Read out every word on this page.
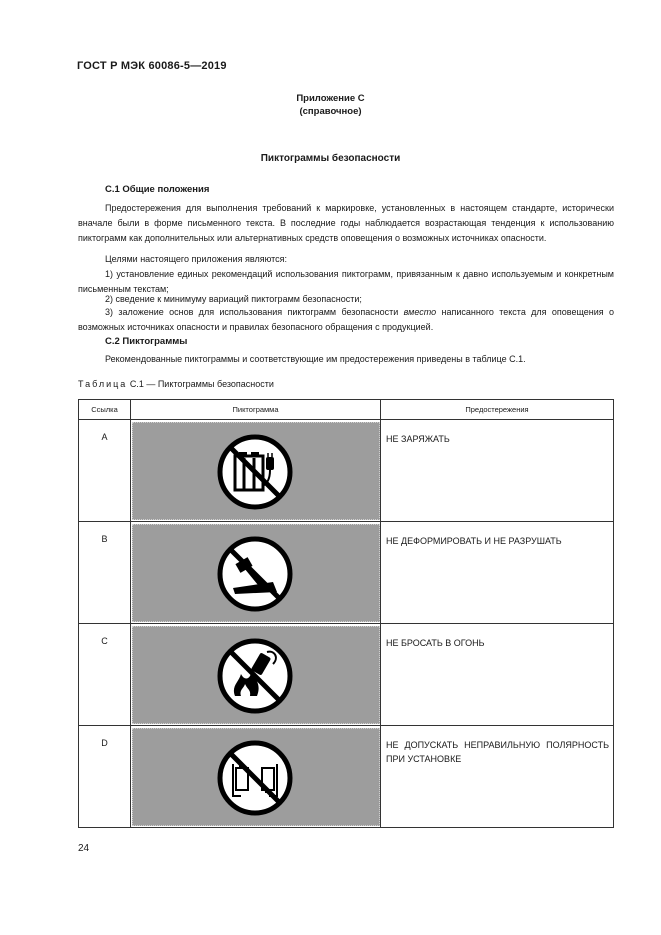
ГОСТ Р МЭК 60086-5—2019
Приложение С
(справочное)
Пиктограммы безопасности
С.1 Общие положения
Предостережения для выполнения требований к маркировке, установленных в настоящем стандарте, исторически вначале были в форме письменного текста. В последние годы наблюдается возрастающая тенденция к использованию пиктограмм как дополнительных или альтернативных средств оповещения о возможных источниках опасности.
Целями настоящего приложения являются:
1) установление единых рекомендаций использования пиктограмм, привязанным к давно используемым и конкретным письменным текстам;
2) сведение к минимуму вариаций пиктограмм безопасности;
3) заложение основ для использования пиктограмм безопасности вместо написанного текста для оповещения о возможных источниках опасности и правилах безопасного обращения с продукцией.
С.2 Пиктограммы
Рекомендованные пиктограммы и соответствующие им предостережения приведены в таблице С.1.
Таблица С.1 — Пиктограммы безопасности
Ссылка	Пиктограмма	Предостережения
A		НЕ ЗАРЯЖАТЬ
B		НЕ ДЕФОРМИРОВАТЬ И НЕ РАЗРУШАТЬ
C		НЕ БРОСАТЬ В ОГОНЬ
D		НЕ ДОПУСКАТЬ НЕПРАВИЛЬНУЮ ПОЛЯРНОСТЬ ПРИ УСТАНОВКЕ
24
